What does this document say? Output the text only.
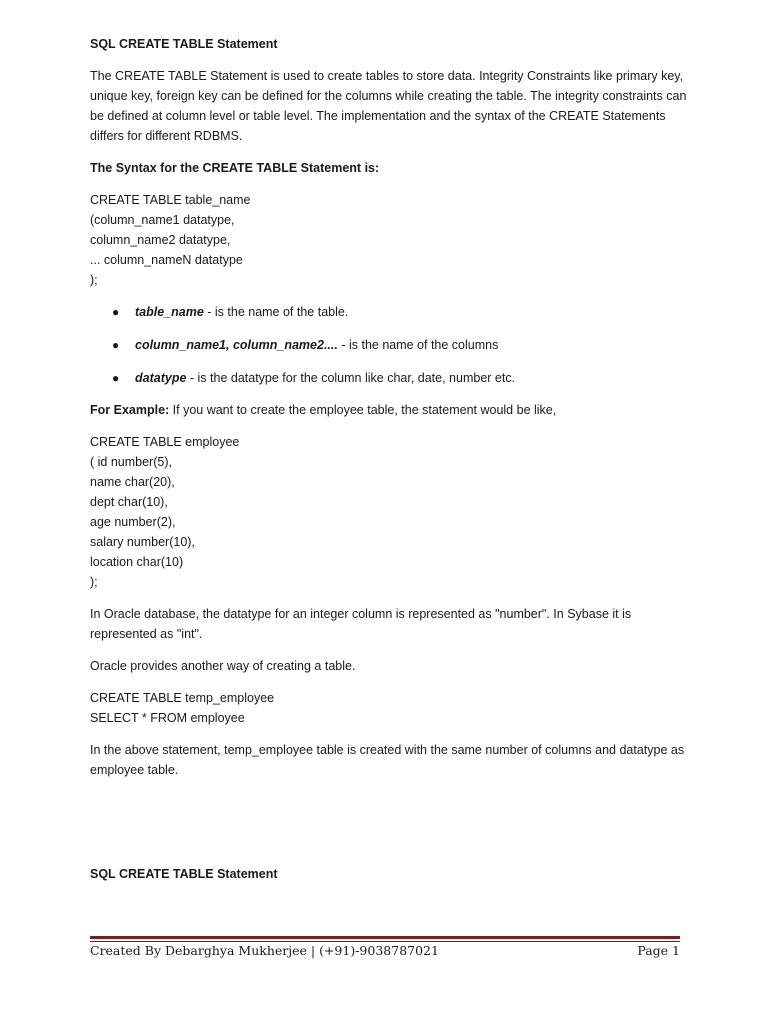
SQL CREATE TABLE Statement

The CREATE TABLE Statement is used to create tables to store data. Integrity Constraints like primary key, unique key, foreign key can be defined for the columns while creating the table. The integrity constraints can be defined at column level or table level. The implementation and the syntax of the CREATE Statements differs for different RDBMS.

The Syntax for the CREATE TABLE Statement is:

CREATE TABLE table_name
(column_name1 datatype,
column_name2 datatype,
... column_nameN datatype
);
● table_name - is the name of the table.
● column_name1, column_name2.... - is the name of the columns
● datatype - is the datatype for the column like char, date, number etc.

For Example: If you want to create the employee table, the statement would be like,

CREATE TABLE employee
( id number(5),
name char(20),
dept char(10),
age number(2),
salary number(10),
location char(10)
);

In Oracle database, the datatype for an integer column is represented as "number". In Sybase it is represented as "int".

Oracle provides another way of creating a table.

CREATE TABLE temp_employee
SELECT * FROM employee

In the above statement, temp_employee table is created with the same number of columns and datatype as employee table.

SQL CREATE TABLE Statement

Created By Debarghya Mukherjee | (+91)-9038787021	Page 1
